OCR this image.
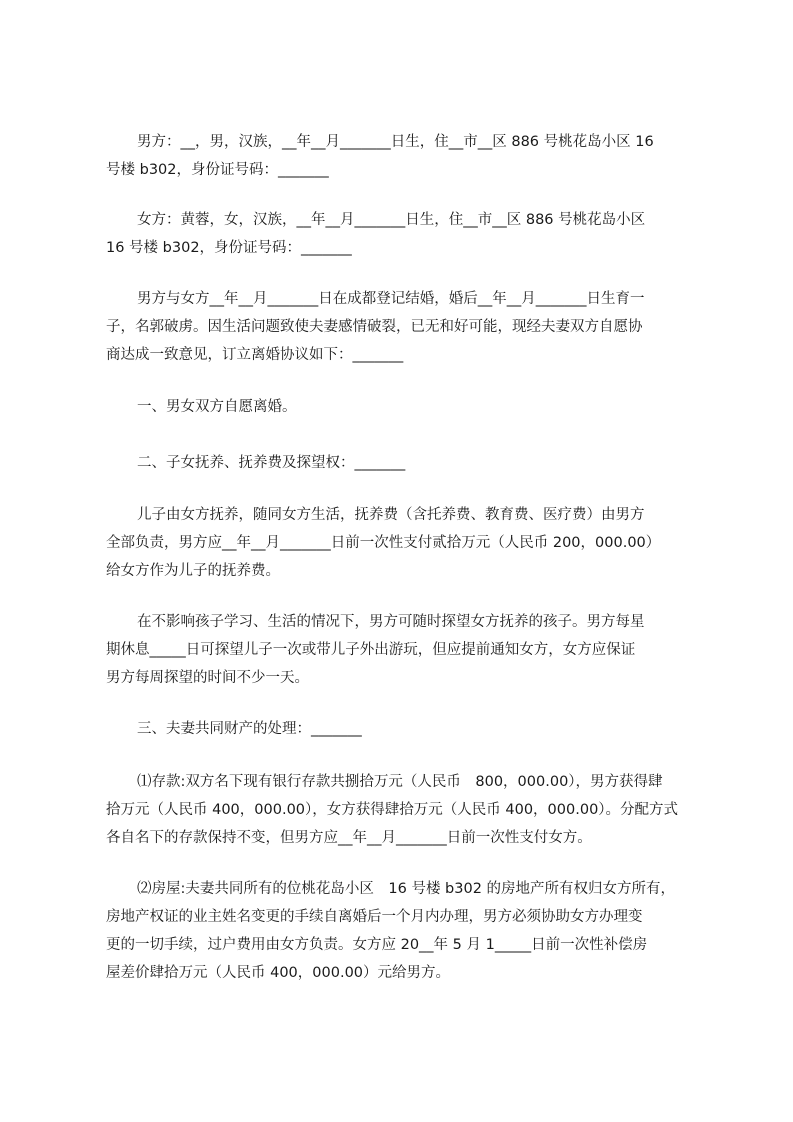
男方：__，男，汉族，__年__月_______日生，住__市__区 886 号桃花岛小区 16
号楼 b302，身份证号码：_______

女方：黄蓉，女，汉族，__年__月_______日生，住__市__区 886 号桃花岛小区
16 号楼 b302，身份证号码：_______

男方与女方__年__月_______日在成都登记结婚，婚后__年__月_______日生育一
子，名郭破虏。因生活问题致使夫妻感情破裂，已无和好可能，现经夫妻双方自愿协
商达成一致意见，订立离婚协议如下：_______

一、男女双方自愿离婚。

二、子女抚养、抚养费及探望权：_______

儿子由女方抚养，随同女方生活，抚养费（含托养费、教育费、医疗费）由男方
全部负责，男方应__年__月_______日前一次性支付贰拾万元（人民币 200，000.00）
给女方作为儿子的抚养费。

在不影响孩子学习、生活的情况下，男方可随时探望女方抚养的孩子。男方每星
期休息_____日可探望儿子一次或带儿子外出游玩，但应提前通知女方，女方应保证
男方每周探望的时间不少一天。

三、夫妻共同财产的处理：_______

⑴存款:双方名下现有银行存款共捌拾万元（人民币　800，000.00），男方获得肆
拾万元（人民币 400，000.00），女方获得肆拾万元（人民币 400，000.00）。分配方式
各自名下的存款保持不变，但男方应__年__月_______日前一次性支付女方。

⑵房屋:夫妻共同所有的位桃花岛小区　16 号楼 b302 的房地产所有权归女方所有，
房地产权证的业主姓名变更的手续自离婚后一个月内办理，男方必须协助女方办理变
更的一切手续，过户费用由女方负责。女方应 20__年 5 月 1_____日前一次性补偿房
屋差价肆拾万元（人民币 400，000.00）元给男方。
